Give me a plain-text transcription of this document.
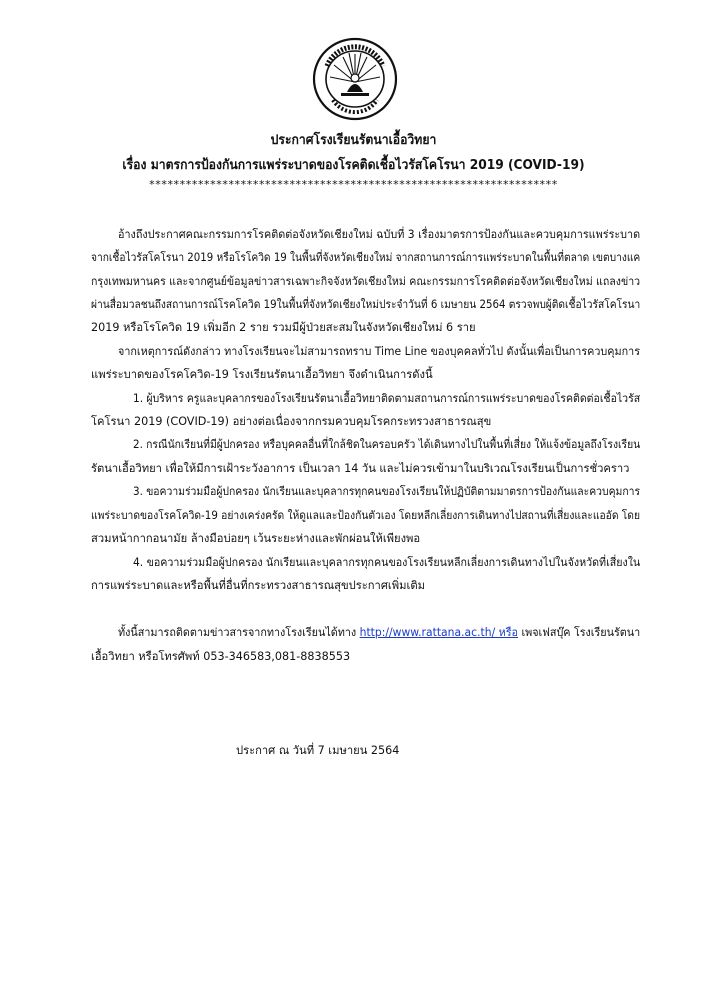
ประกาศโรงเรียนรัตนาเอื้อวิทยา
เรื่อง มาตรการป้องกันการแพร่ระบาดของโรคติดเชื้อไวรัสโคโรนา 2019 (COVID-19)
*******************************************************************
อ้างถึงประกาศคณะกรรมการโรคติดต่อจังหวัดเชียงใหม่ ฉบับที่ 3 เรื่องมาตรการป้องกันและควบคุมการแพร่ระบาด
จากเชื้อไวรัสโคโรนา 2019 หรือโรโควิด 19 ในพื้นที่จังหวัดเชียงใหม่ จากสถานการณ์การแพร่ระบาดในพื้นที่ตลาด เขตบางแค
กรุงเทพมหานคร และจากศูนย์ข้อมูลข่าวสารเฉพาะกิจจังหวัดเชียงใหม่ คณะกรรมการโรคติดต่อจังหวัดเชียงใหม่ แถลงข่าว
ผ่านสื่อมวลชนถึงสถานการณ์โรคโควิด 19ในพื้นที่จังหวัดเชียงใหม่ประจำวันที่ 6 เมษายน 2564 ตรวจพบผู้ติดเชื้อไวรัสโคโรนา
2019 หรือโรโควิด 19 เพิ่มอีก 2 ราย รวมมีผู้ป่วยสะสมในจังหวัดเชียงใหม่ 6 ราย
จากเหตุการณ์ดังกล่าว ทางโรงเรียนจะไม่สามารถทราบ Time Line ของบุคคลทั่วไป ดังนั้นเพื่อเป็นการควบคุมการ
แพร่ระบาดของโรคโควิด-19 โรงเรียนรัตนาเอื้อวิทยา จึงดำเนินการดังนี้
1. ผู้บริหาร ครูและบุคลากรของโรงเรียนรัตนาเอื้อวิทยาติดตามสถานการณ์การแพร่ระบาดของโรคติดต่อเชื้อไวรัส
โคโรนา 2019 (COVID-19) อย่างต่อเนื่องจากกรมควบคุมโรคกระทรวงสาธารณสุข
2. กรณีนักเรียนที่มีผู้ปกครอง หรือบุคคลอื่นที่ใกล้ชิดในครอบครัว ได้เดินทางไปในพื้นที่เสี่ยง ให้แจ้งข้อมูลถึงโรงเรียน
รัตนาเอื้อวิทยา เพื่อให้มีการเฝ้าระวังอาการ เป็นเวลา 14 วัน และไม่ควรเข้ามาในบริเวณโรงเรียนเป็นการชั่วคราว
3. ขอความร่วมมือผู้ปกครอง นักเรียนและบุคลากรทุกคนของโรงเรียนให้ปฏิบัติตามมาตรการป้องกันและควบคุมการ
แพร่ระบาดของโรคโควิด-19 อย่างเคร่งครัด ให้ดูแลและป้องกันตัวเอง โดยหลีกเลี่ยงการเดินทางไปสถานที่เสี่ยงและแออัด โดย
สวมหน้ากากอนามัย ล้างมือบ่อยๆ เว้นระยะห่างและพักผ่อนให้เพียงพอ
4. ขอความร่วมมือผู้ปกครอง นักเรียนและบุคลากรทุกคนของโรงเรียนหลีกเลี่ยงการเดินทางไปในจังหวัดที่เสี่ยงใน
การแพร่ระบาดและหรือพื้นที่อื่นที่กระทรวงสาธารณสุขประกาศเพิ่มเติม
ทั้งนี้สามารถติดตามข่าวสารจากทางโรงเรียนได้ทาง http://www.rattana.ac.th/ หรือ เพจเฟสบุ๊ค โรงเรียนรัตนา
เอื้อวิทยา หรือโทรศัพท์ 053-346583,081-8838553
ประกาศ ณ วันที่ 7 เมษายน 2564
